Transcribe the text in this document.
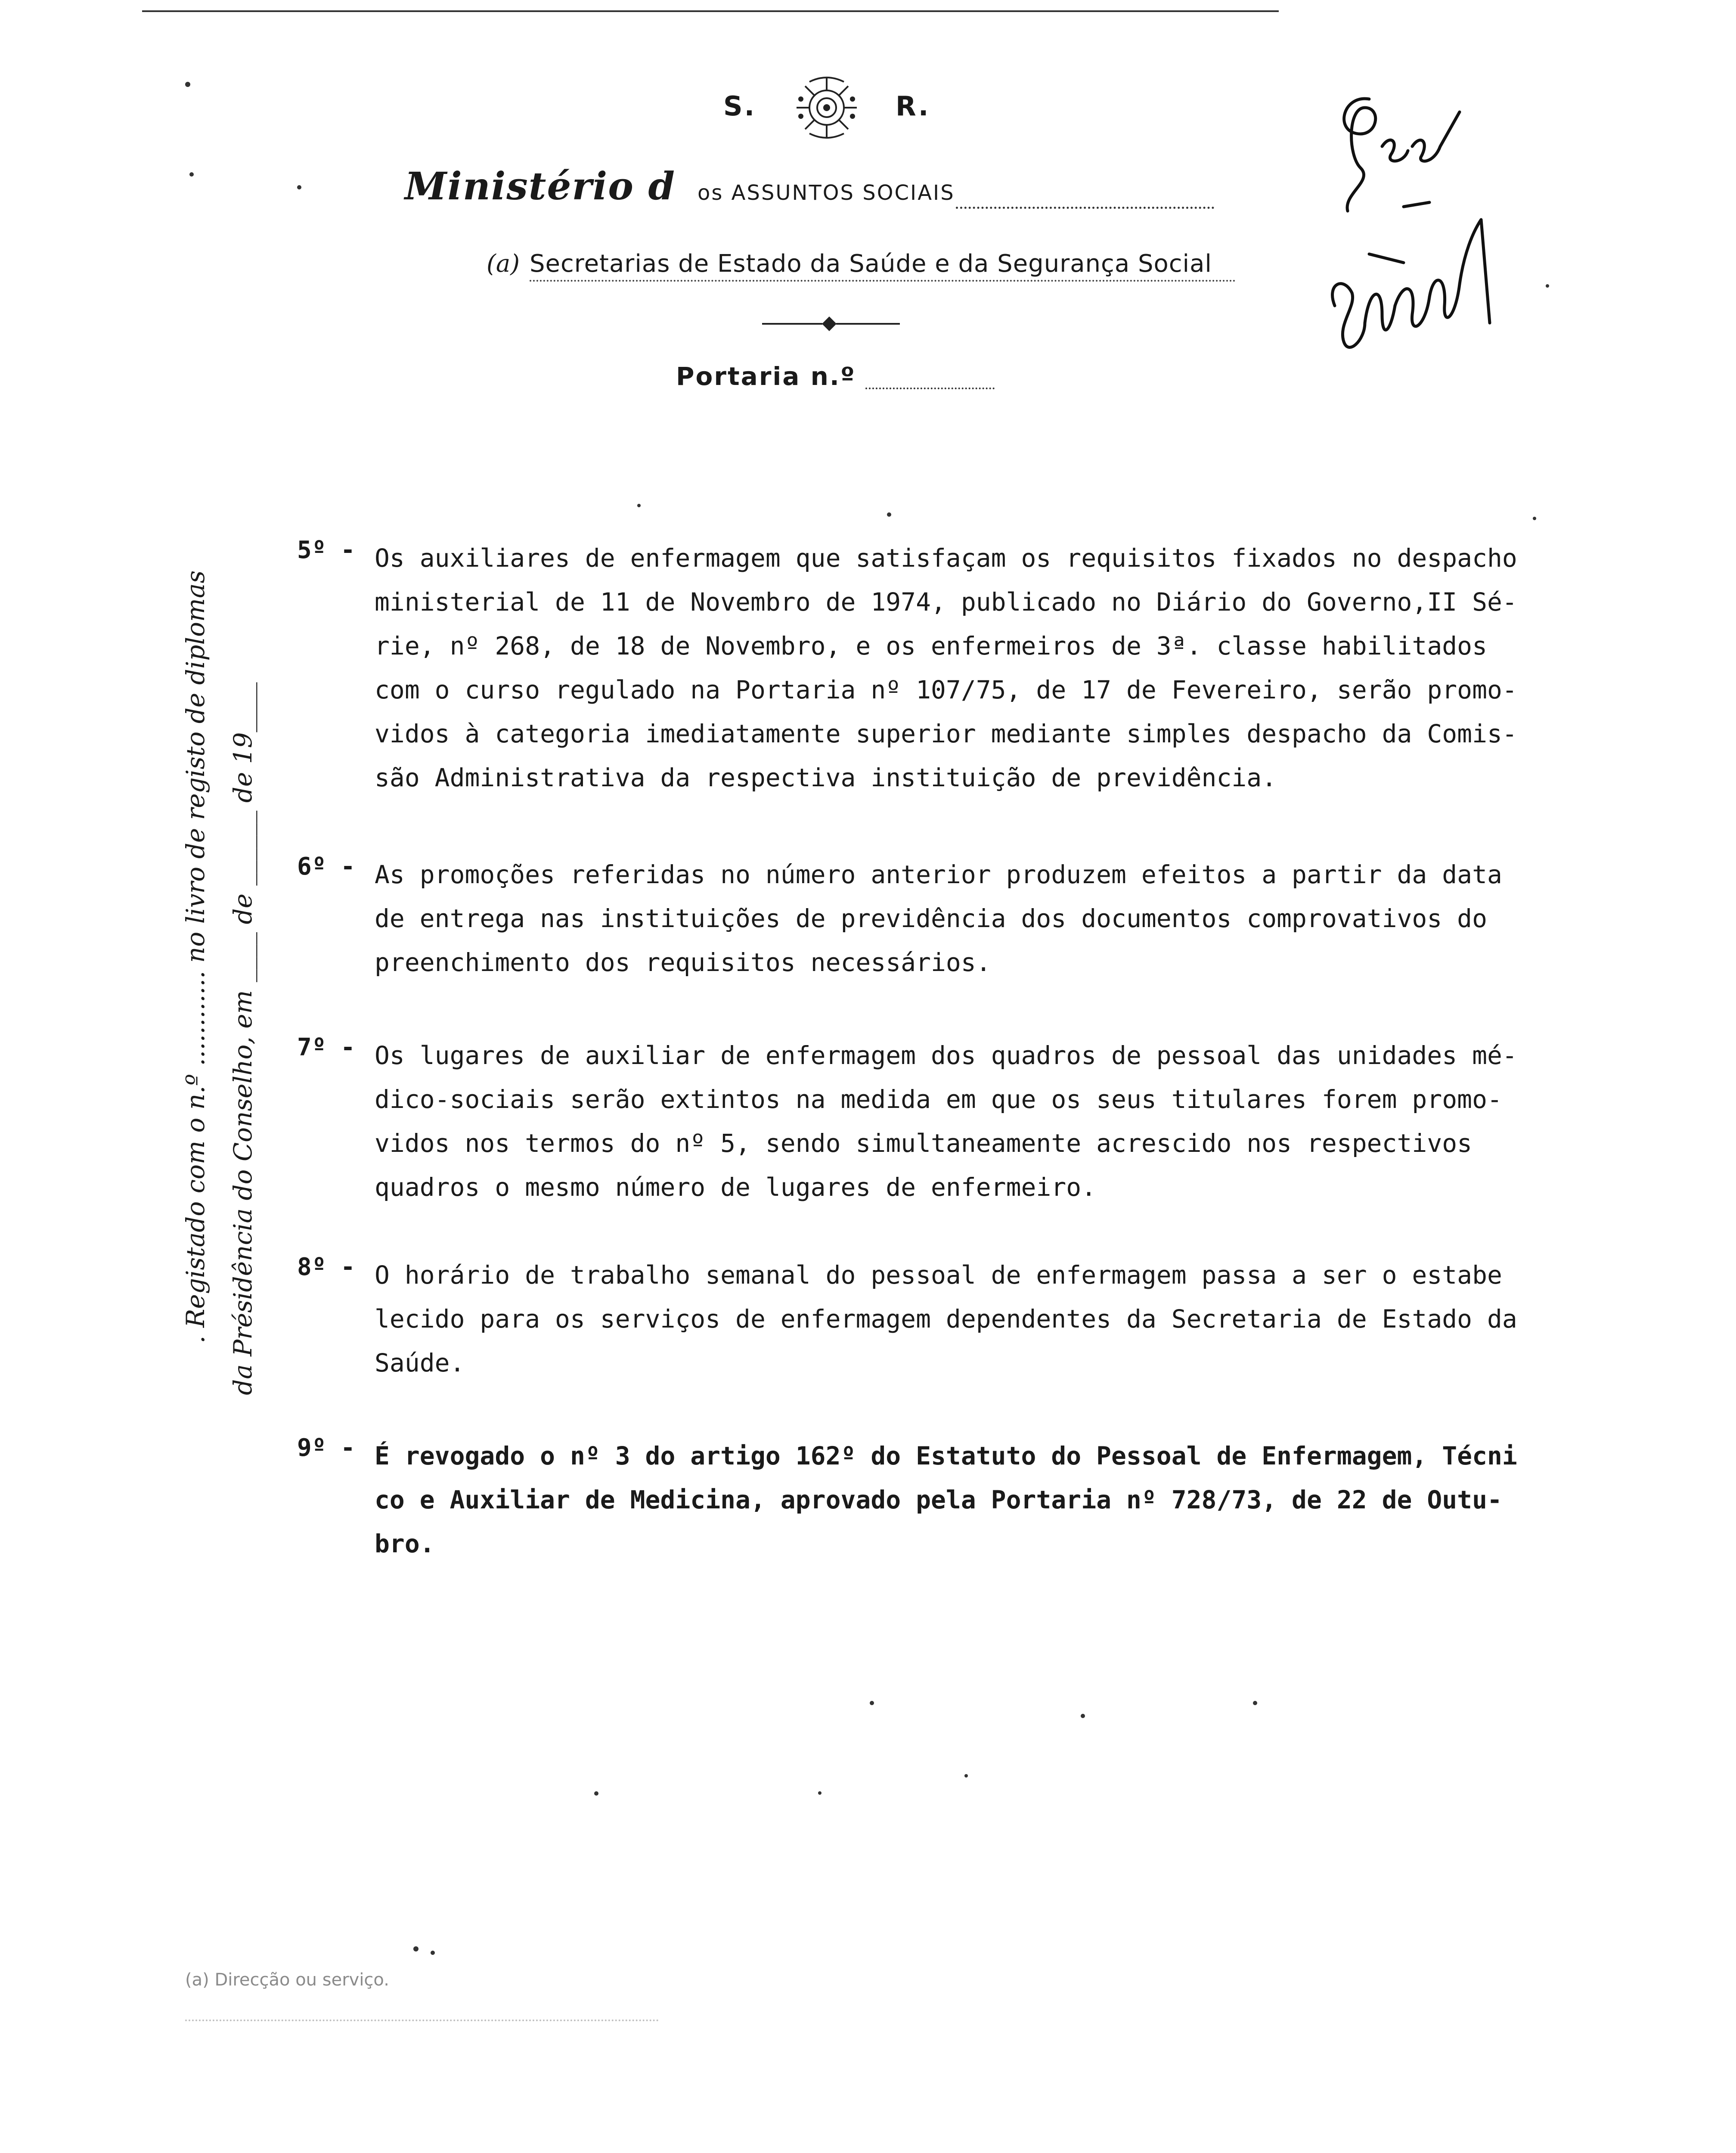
S.	R.
Ministério d os ASSUNTOS SOCIAIS
(a) Secretarias de Estado da Saúde e da Segurança Social
Portaria n.º
. Registado com o n.º ............ no livro de registo de diplomas da Présidência do Conselho, em ____ de ______ de 19____
5º - Os auxiliares de enfermagem que satisfaçam os requisitos fixados no despacho
ministerial de 11 de Novembro de 1974, publicado no Diário do Governo,II Sé-
rie, nº 268, de 18 de Novembro, e os enfermeiros de 3ª. classe habilitados
com o curso regulado na Portaria nº 107/75, de 17 de Fevereiro, serão promo-
vidos à categoria imediatamente superior mediante simples despacho da Comis-
são Administrativa da respectiva instituição de previdência.
6º - As promoções referidas no número anterior produzem efeitos a partir da data
de entrega nas instituições de previdência dos documentos comprovativos do
preenchimento dos requisitos necessários.
7º - Os lugares de auxiliar de enfermagem dos quadros de pessoal das unidades mé-
dico-sociais serão extintos na medida em que os seus titulares forem promo-
vidos nos termos do nº 5, sendo simultaneamente acrescido nos respectivos
quadros o mesmo número de lugares de enfermeiro.
8º - O horário de trabalho semanal do pessoal de enfermagem passa a ser o estabe
lecido para os serviços de enfermagem dependentes da Secretaria de Estado da
Saúde.
9º - É revogado o nº 3 do artigo 162º do Estatuto do Pessoal de Enfermagem, Técni
co e Auxiliar de Medicina, aprovado pela Portaria nº 728/73, de 22 de Outu-
bro.
(a) Direcção ou serviço.
